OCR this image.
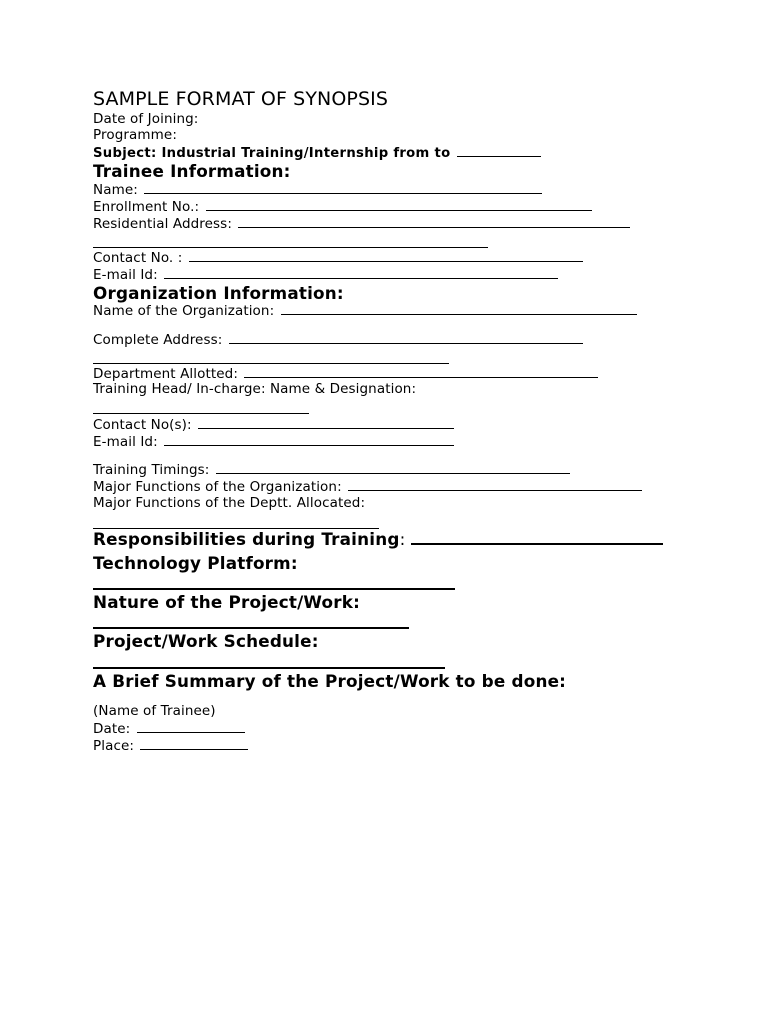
SAMPLE FORMAT OF SYNOPSIS
Date of Joining:
Programme:
Subject: Industrial Training/Internship from to
Trainee Information:
Name:
Enrollment No.:
Residential Address:
Contact No. :
E-mail Id:
Organization Information:
Name of the Organization:
Complete Address:
Department Allotted:
Training Head/ In-charge: Name & Designation:
Contact No(s):
E-mail Id:
Training Timings:
Major Functions of the Organization:
Major Functions of the Deptt. Allocated:
Responsibilities during Training:
Technology Platform:
Nature of the Project/Work:
Project/Work Schedule:
A Brief Summary of the Project/Work to be done:
(Name of Trainee)
Date:
Place:
